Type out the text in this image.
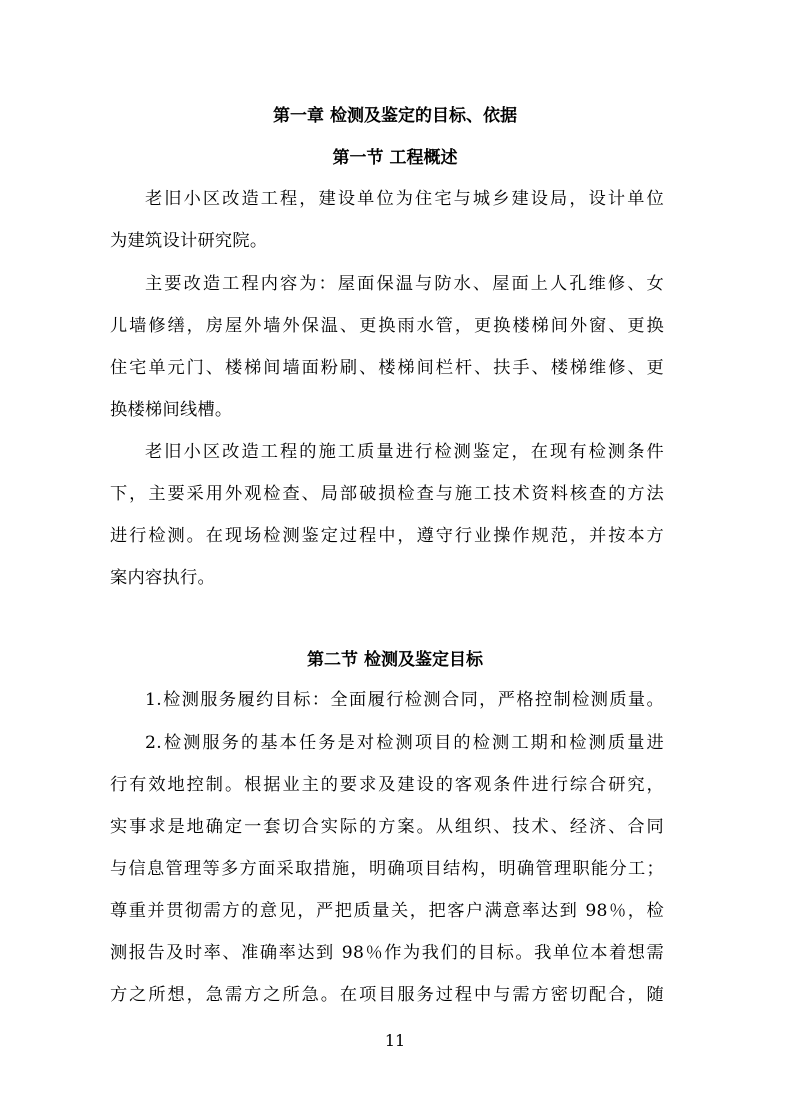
第一章 检测及鉴定的目标、依据
第一节 工程概述
老旧小区改造工程，建设单位为住宅与城乡建设局，设计单位
为建筑设计研究院。
主要改造工程内容为：屋面保温与防水、屋面上人孔维修、女
儿墙修缮，房屋外墙外保温、更换雨水管，更换楼梯间外窗、更换
住宅单元门、楼梯间墙面粉刷、楼梯间栏杆、扶手、楼梯维修、更
换楼梯间线槽。
老旧小区改造工程的施工质量进行检测鉴定，在现有检测条件
下，主要采用外观检查、局部破损检查与施工技术资料核查的方法
进行检测。在现场检测鉴定过程中，遵守行业操作规范，并按本方
案内容执行。
第二节 检测及鉴定目标
1.检测服务履约目标：全面履行检测合同，严格控制检测质量。
2.检测服务的基本任务是对检测项目的检测工期和检测质量进
行有效地控制。根据业主的要求及建设的客观条件进行综合研究，
实事求是地确定一套切合实际的方案。从组织、技术、经济、合同
与信息管理等多方面采取措施，明确项目结构，明确管理职能分工；
尊重并贯彻需方的意见，严把质量关，把客户满意率达到 98％，检
测报告及时率、准确率达到 98％作为我们的目标。我单位本着想需
方之所想，急需方之所急。在项目服务过程中与需方密切配合，随
11
